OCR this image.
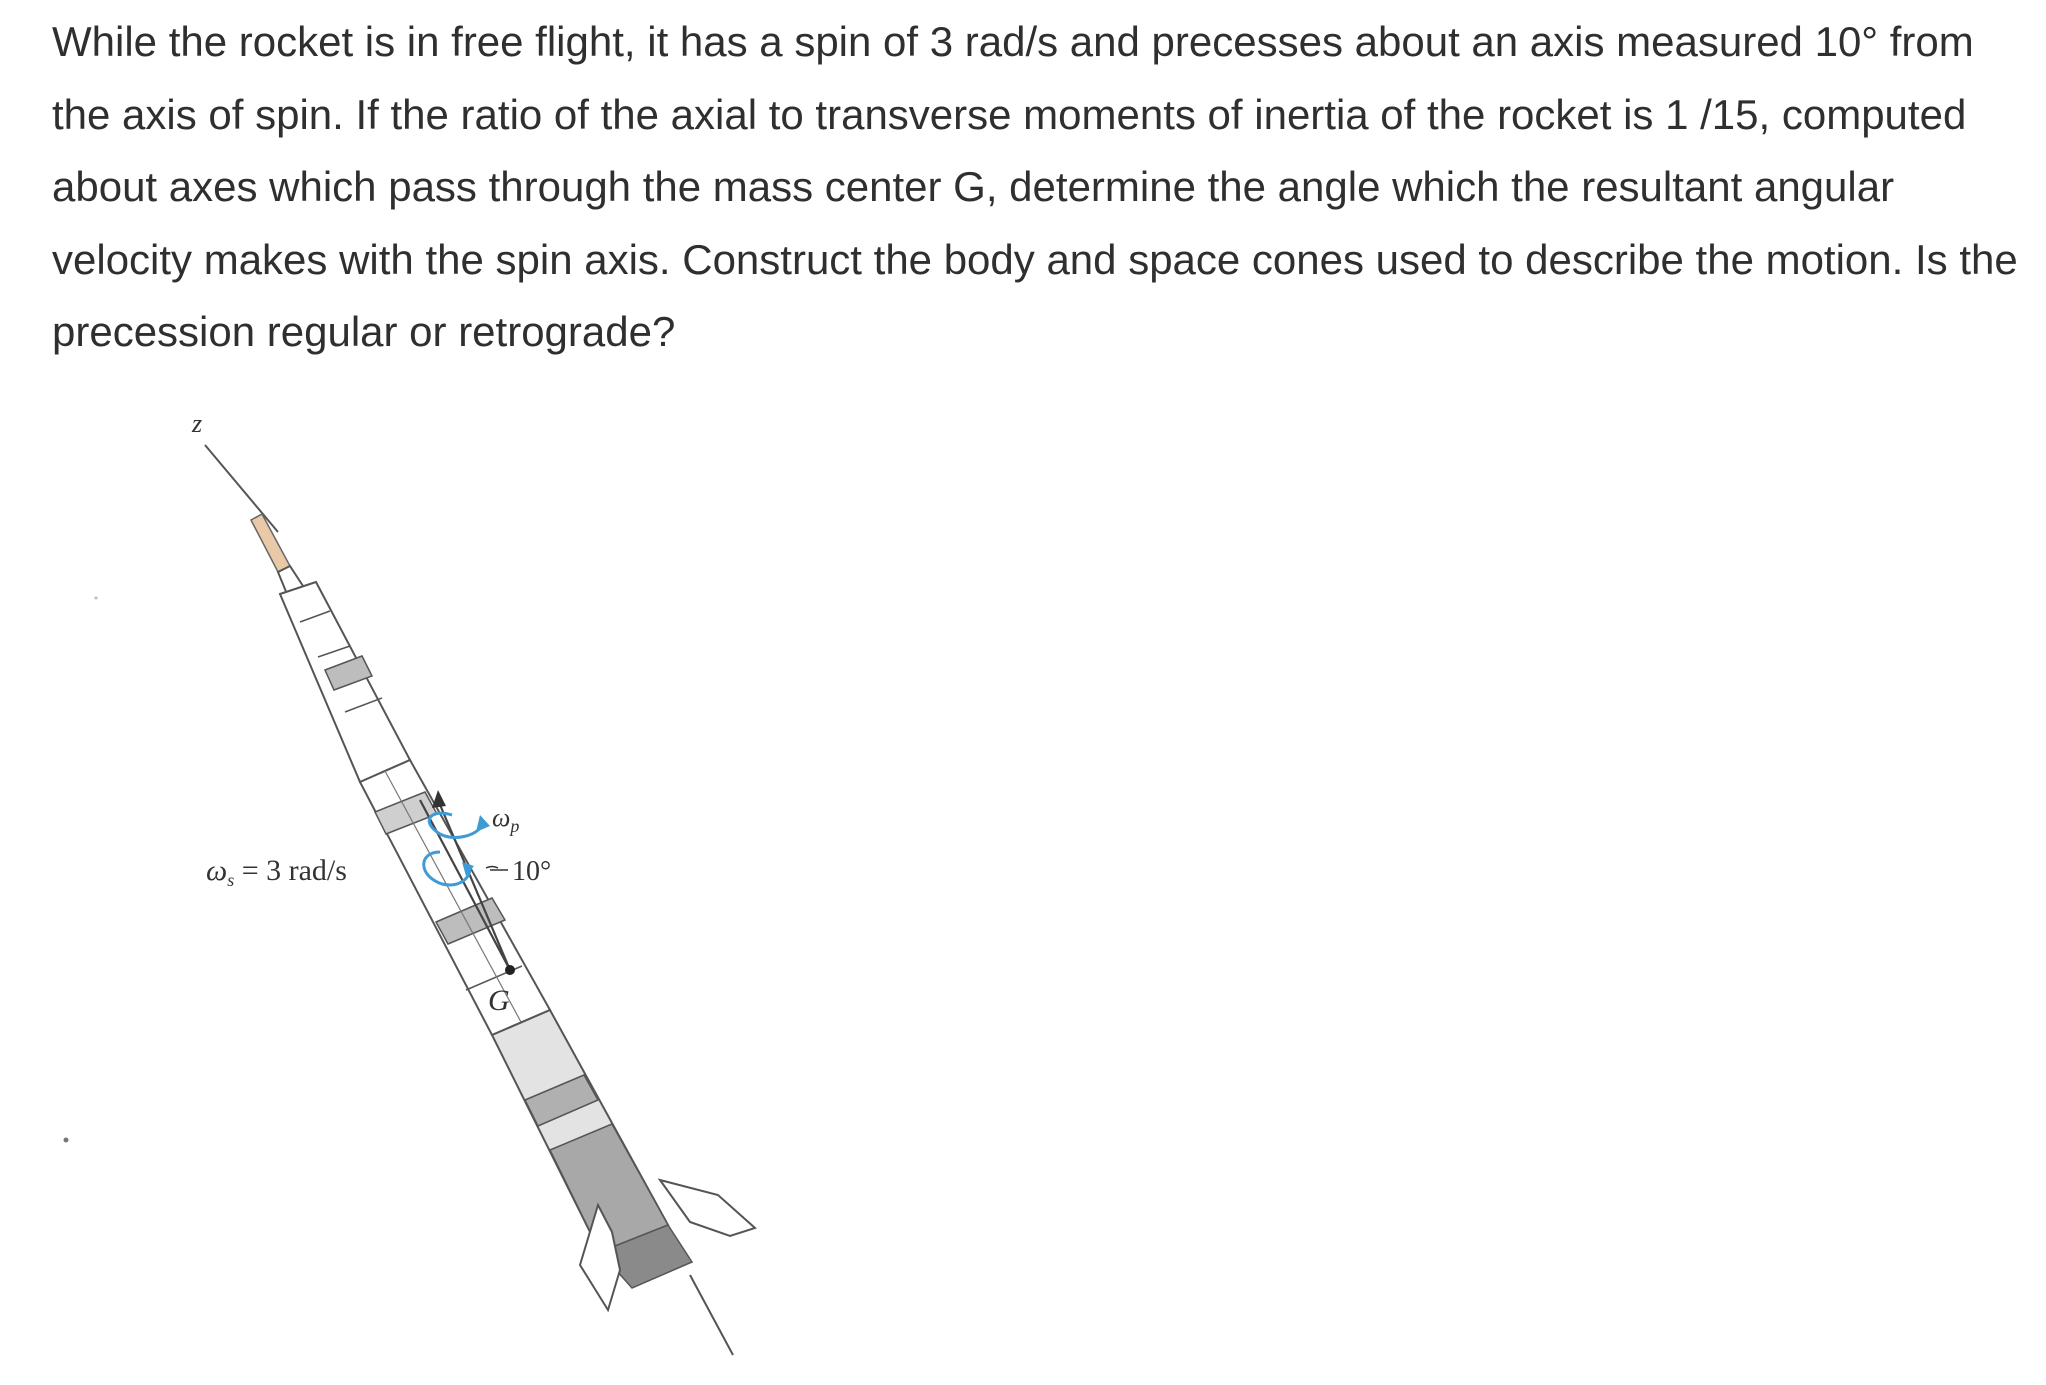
While the rocket is in free flight, it has a spin of 3 rad/s and precesses about an axis measured 10° from the axis of spin. If the ratio of the axial to transverse moments of inertia of the rocket is 1 /15, computed about axes which pass through the mass center G, determine the angle which the resultant angular velocity makes with the spin axis. Construct the body and space cones used to describe the motion. Is the precession regular or retrograde?

z
G
$\omega_p$
10°
$\omega_s = 3$ rad/s
